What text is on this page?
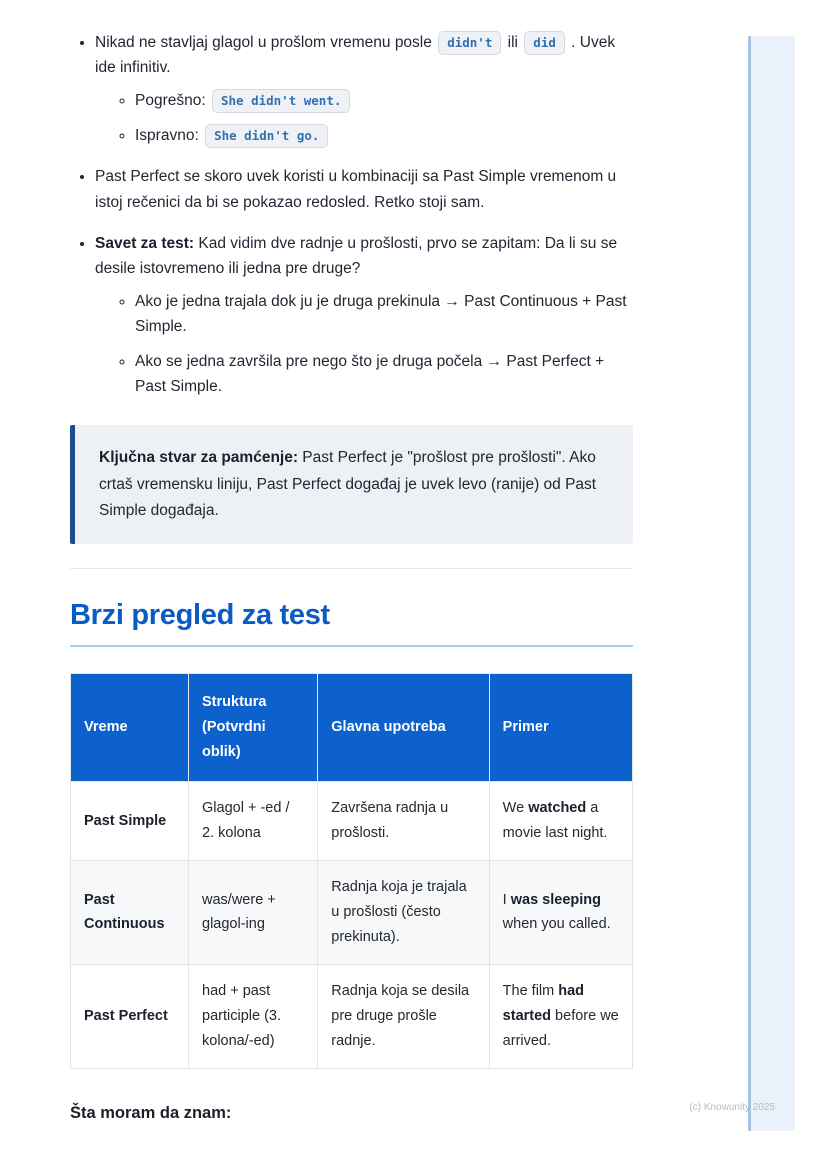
• Nikad ne stavljaj glagol u prošlom vremenu posle didn't ili did . Uvek ide infinitiv.
◦ Pogrešno: She didn't went.
◦ Ispravno: She didn't go.
• Past Perfect se skoro uvek koristi u kombinaciji sa Past Simple vremenom u istoj rečenici da bi se pokazao redosled. Retko stoji sam.
• Savet za test: Kad vidim dve radnje u prošlosti, prvo se zapitam: Da li su se desile istovremeno ili jedna pre druge?
◦ Ako je jedna trajala dok ju je druga prekinula → Past Continuous + Past Simple.
◦ Ako se jedna završila pre nego što je druga počela → Past Perfect + Past Simple.

Ključna stvar za pamćenje: Past Perfect je "prošlost pre prošlosti". Ako crtaš vremensku liniju, Past Perfect događaj je uvek levo (ranije) od Past Simple događaja.

Brzi pregled za test
Vreme	Struktura (Potvrdni oblik)	Glavna upotreba	Primer
Past Simple	Glagol + -ed / 2. kolona	Završena radnja u prošlosti.	We watched a movie last night.
Past Continuous	was/were + glagol-ing	Radnja koja je trajala u prošlosti (često prekinuta).	I was sleeping when you called.
Past Perfect	had + past participle (3. kolona/-ed)	Radnja koja se desila pre druge prošle radnje.	The film had started before we arrived.
Šta moram da znam:	(c) Knowunity 2025
